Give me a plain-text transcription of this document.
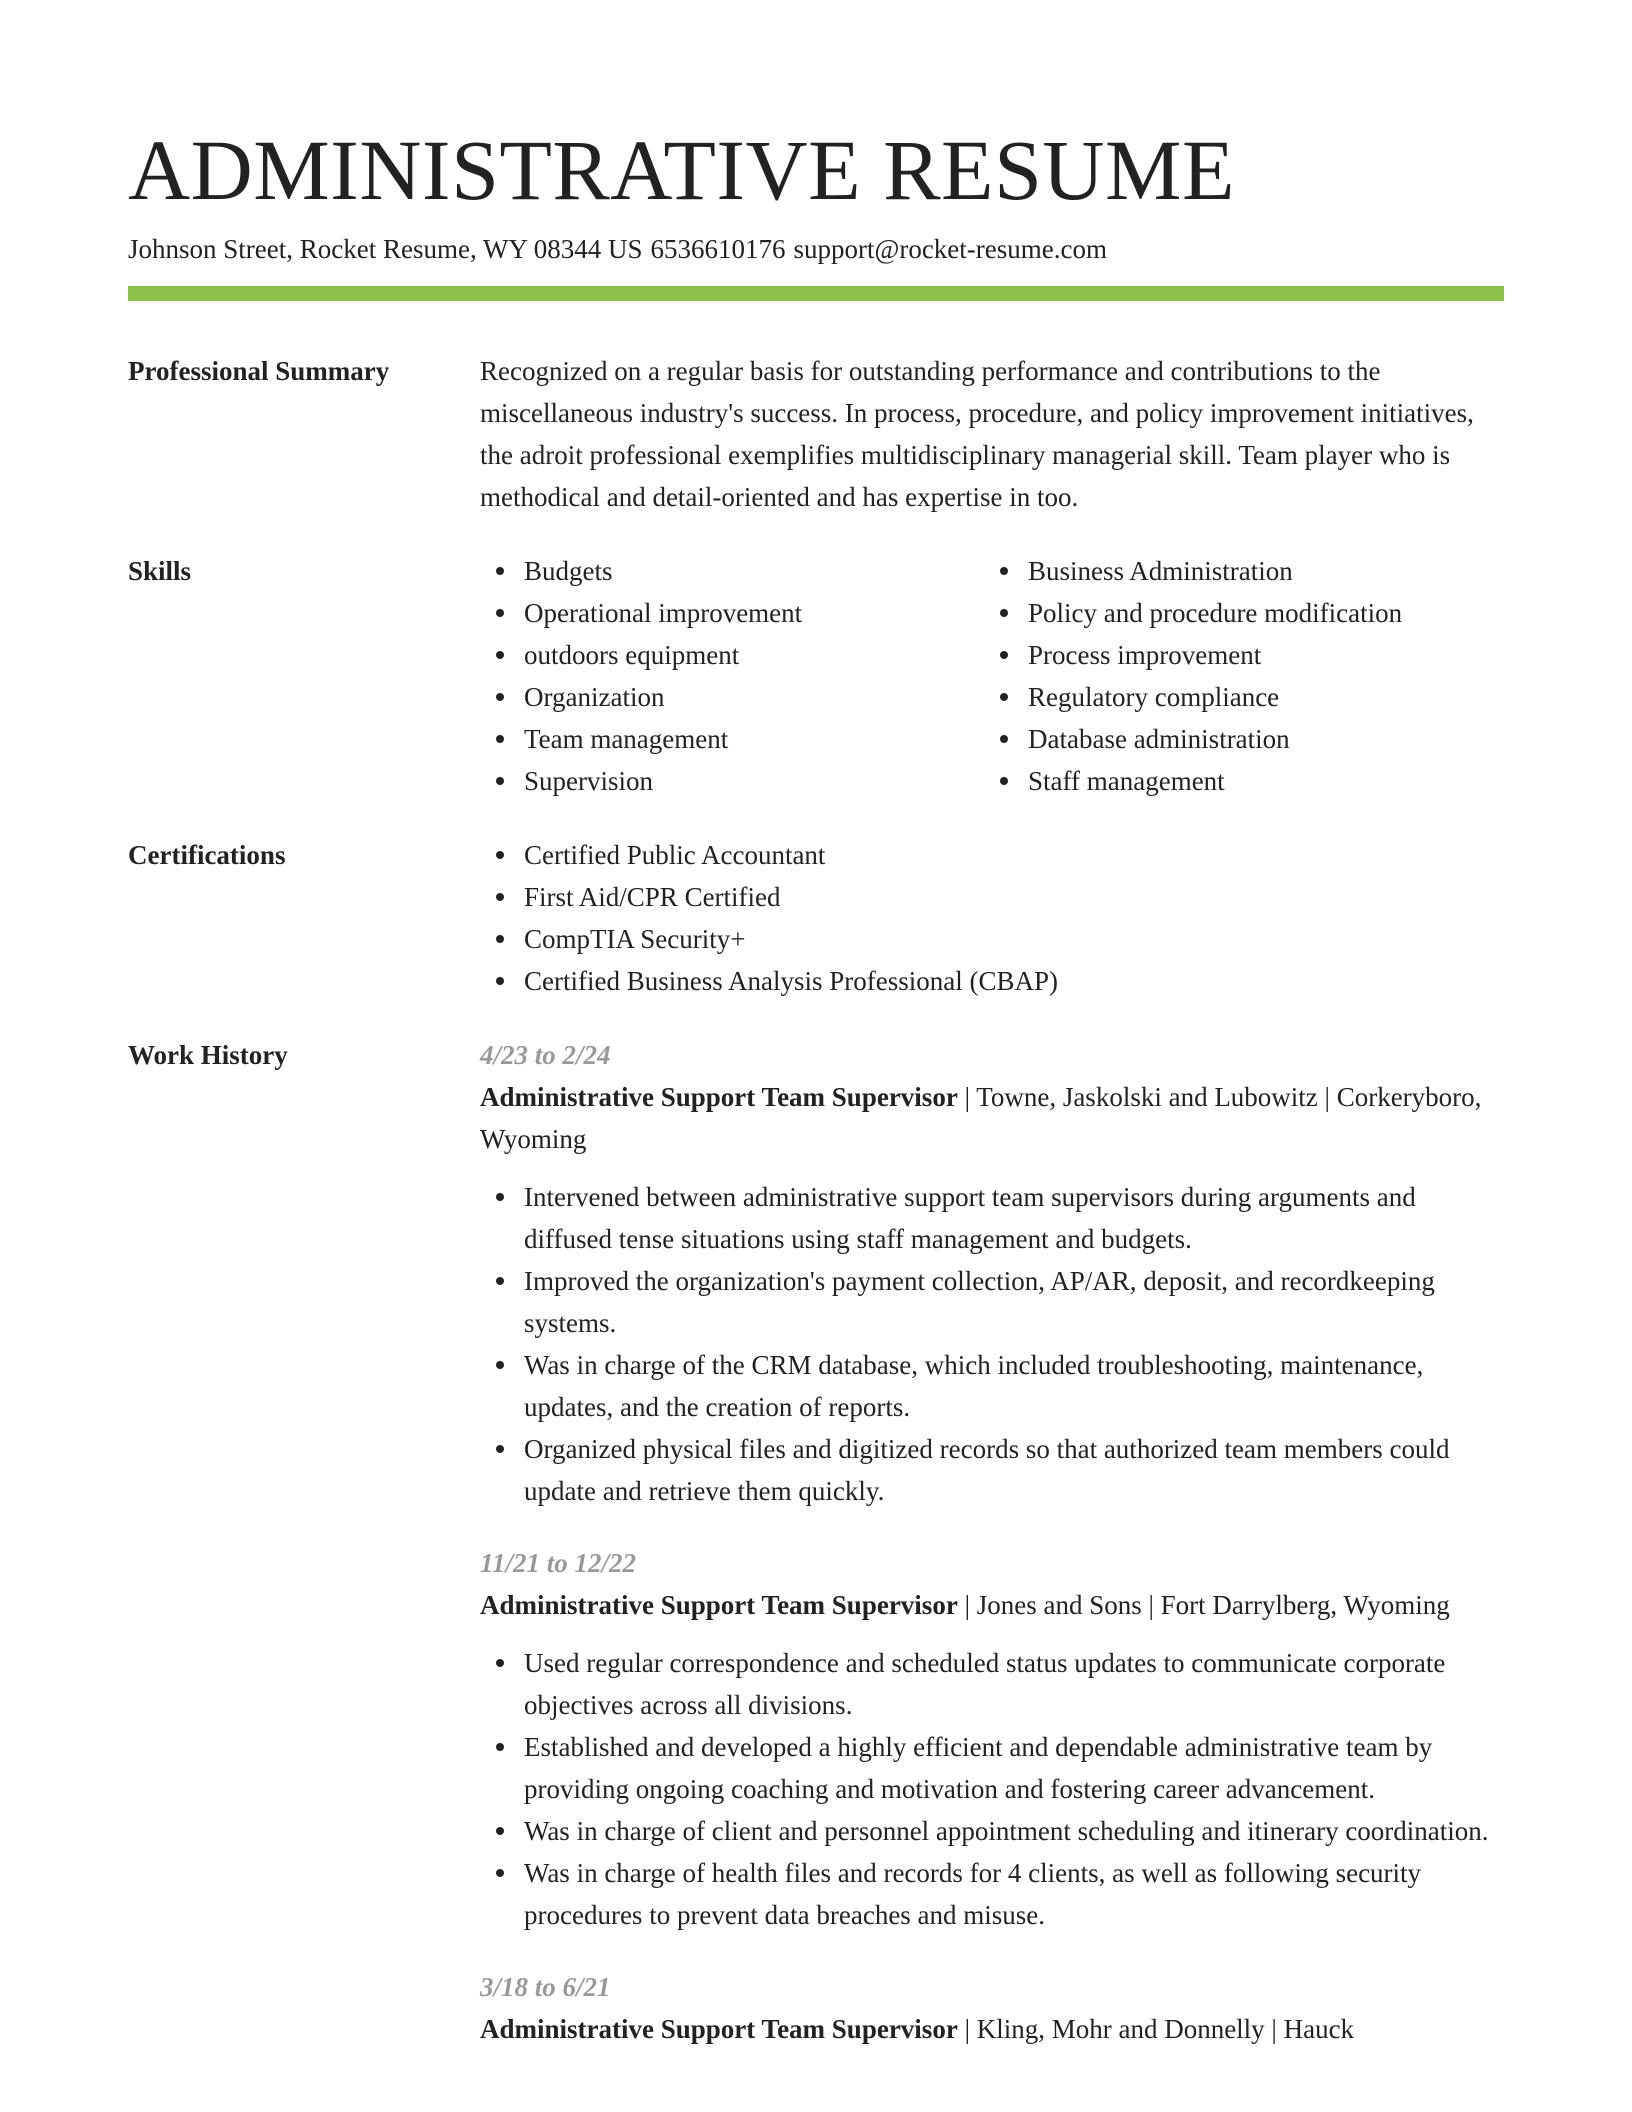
ADMINISTRATIVE RESUME
Johnson Street, Rocket Resume, WY 08344 US 6536610176 support@rocket-resume.com
Professional Summary	Recognized on a regular basis for outstanding performance and contributions to the miscellaneous industry's success. In process, procedure, and policy improvement initiatives, the adroit professional exemplifies multidisciplinary managerial skill. Team player who is methodical and detail-oriented and has expertise in too.

Skills	Budgets
Operational improvement
outdoors equipment
Organization
Team management
Supervision
Business Administration
Policy and procedure modification
Process improvement
Regulatory compliance
Database administration
Staff management
Certifications	Certified Public Accountant
First Aid/CPR Certified
CompTIA Security+
Certified Business Analysis Professional (CBAP)
Work History	4/23 to 2/24
Administrative Support Team Supervisor | Towne, Jaskolski and Lubowitz | Corkeryboro, Wyoming
Intervened between administrative support team supervisors during arguments and diffused tense situations using staff management and budgets.
Improved the organization's payment collection, AP/AR, deposit, and recordkeeping systems.
Was in charge of the CRM database, which included troubleshooting, maintenance, updates, and the creation of reports.
Organized physical files and digitized records so that authorized team members could update and retrieve them quickly.
11/21 to 12/22
Administrative Support Team Supervisor | Jones and Sons | Fort Darrylberg, Wyoming
Used regular correspondence and scheduled status updates to communicate corporate objectives across all divisions.
Established and developed a highly efficient and dependable administrative team by providing ongoing coaching and motivation and fostering career advancement.
Was in charge of client and personnel appointment scheduling and itinerary coordination.
Was in charge of health files and records for 4 clients, as well as following security procedures to prevent data breaches and misuse.
3/18 to 6/21
Administrative Support Team Supervisor | Kling, Mohr and Donnelly | Hauck
